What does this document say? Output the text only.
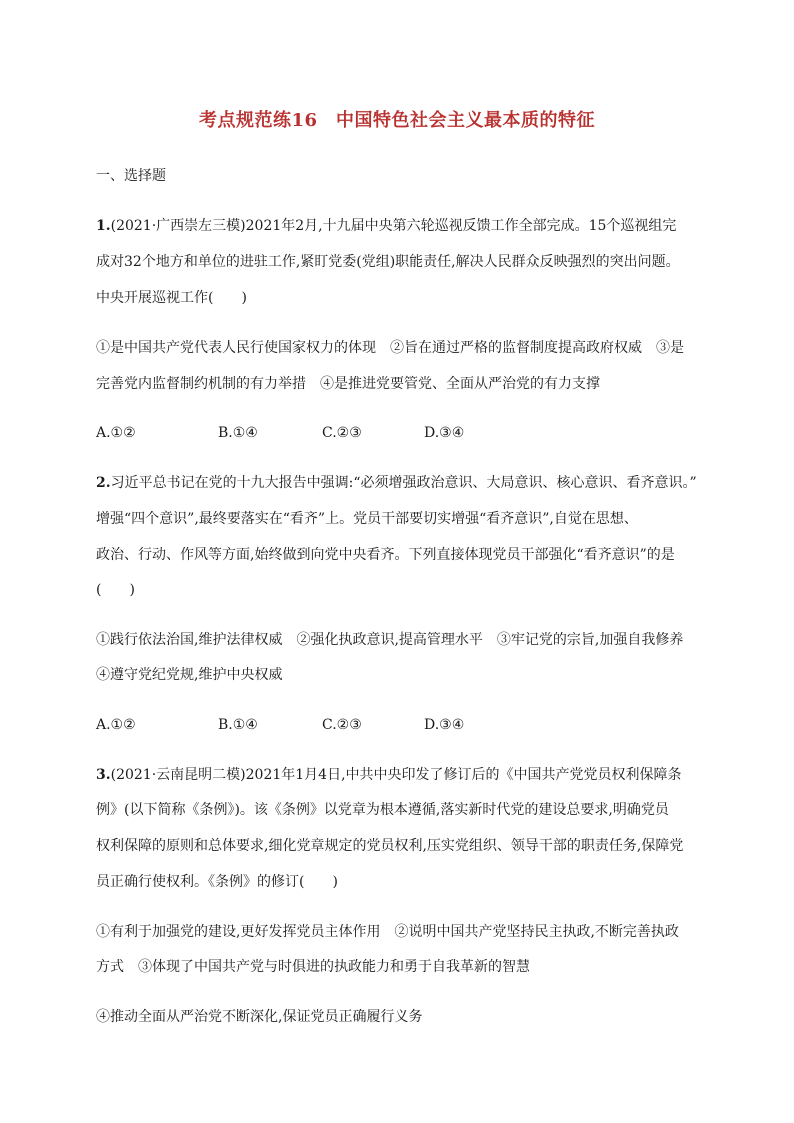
考点规范练16　中国特色社会主义最本质的特征
一、选择题
1.(2021·广西崇左三模)2021年2月,十九届中央第六轮巡视反馈工作全部完成。15个巡视组完
成对32个地方和单位的进驻工作,紧盯党委(党组)职能责任,解决人民群众反映强烈的突出问题。
中央开展巡视工作(　　)
①是中国共产党代表人民行使国家权力的体现　②旨在通过严格的监督制度提高政府权威　③是
完善党内监督制约机制的有力举措　④是推进党要管党、全面从严治党的有力支撑
A.①②	B.①④	C.②③	D.③④
2.习近平总书记在党的十九大报告中强调:“必须增强政治意识、大局意识、核心意识、看齐意识。”
增强“四个意识”,最终要落实在“看齐”上。党员干部要切实增强“看齐意识”,自觉在思想、
政治、行动、作风等方面,始终做到向党中央看齐。下列直接体现党员干部强化“看齐意识”的是
(　　)
①践行依法治国,维护法律权威　②强化执政意识,提高管理水平　③牢记党的宗旨,加强自我修养
④遵守党纪党规,维护中央权威
A.①②	B.①④	C.②③	D.③④
3.(2021·云南昆明二模)2021年1月4日,中共中央印发了修订后的《中国共产党党员权利保障条
例》(以下简称《条例》)。该《条例》以党章为根本遵循,落实新时代党的建设总要求,明确党员
权利保障的原则和总体要求,细化党章规定的党员权利,压实党组织、领导干部的职责任务,保障党
员正确行使权利。《条例》的修订(　　)
①有利于加强党的建设,更好发挥党员主体作用　②说明中国共产党坚持民主执政,不断完善执政
方式　③体现了中国共产党与时俱进的执政能力和勇于自我革新的智慧
④推动全面从严治党不断深化,保证党员正确履行义务
